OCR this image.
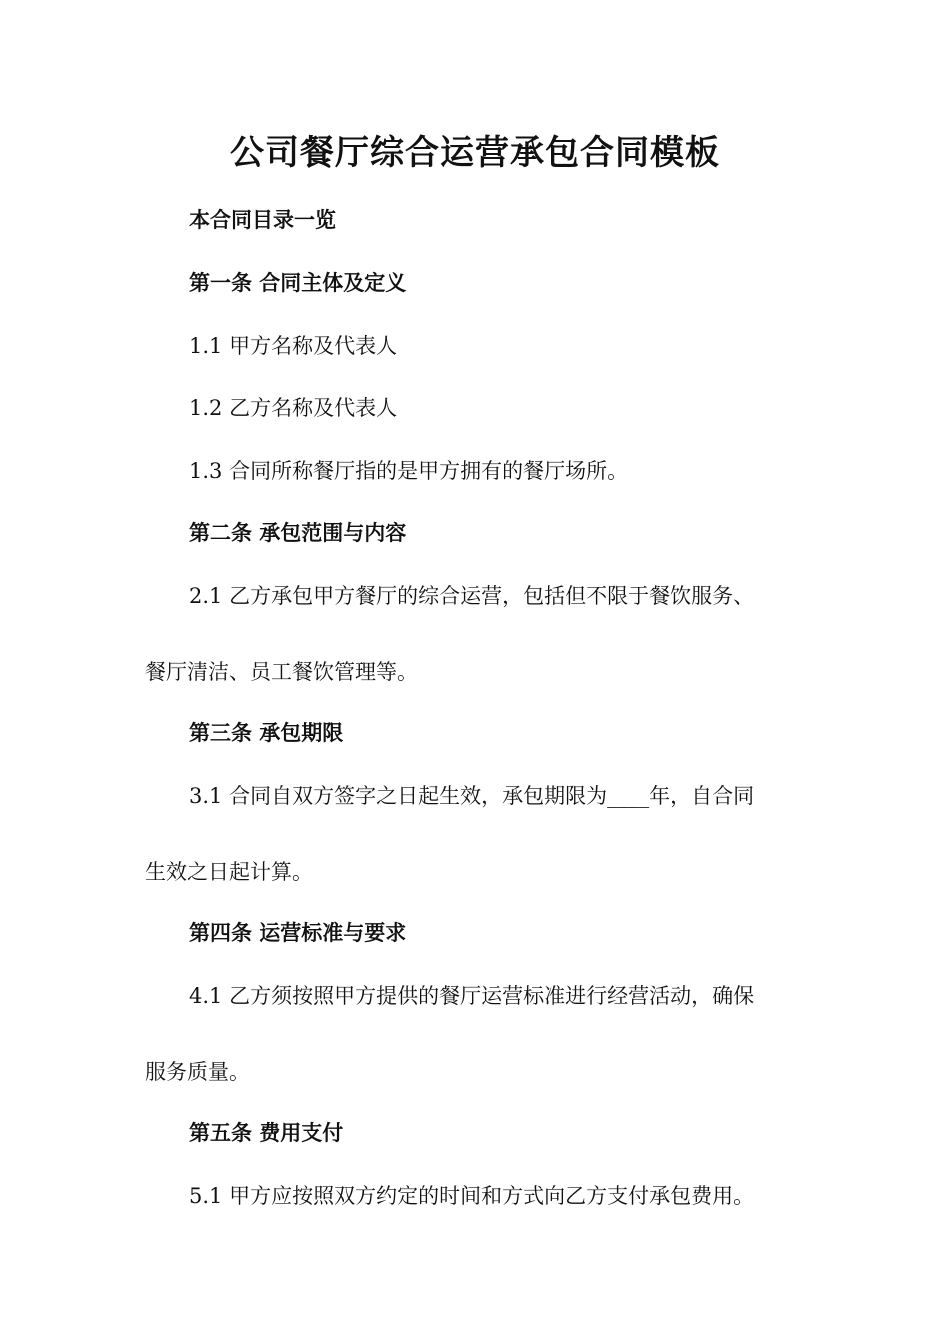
公司餐厅综合运营承包合同模板
本合同目录一览
第一条 合同主体及定义
1.1 甲方名称及代表人
1.2 乙方名称及代表人
1.3 合同所称餐厅指的是甲方拥有的餐厅场所。
第二条 承包范围与内容
2.1 乙方承包甲方餐厅的综合运营，包括但不限于餐饮服务、
餐厅清洁、员工餐饮管理等。
第三条 承包期限
3.1 合同自双方签字之日起生效，承包期限为____年，自合同
生效之日起计算。
第四条 运营标准与要求
4.1 乙方须按照甲方提供的餐厅运营标准进行经营活动，确保
服务质量。
第五条 费用支付
5.1 甲方应按照双方约定的时间和方式向乙方支付承包费用。
